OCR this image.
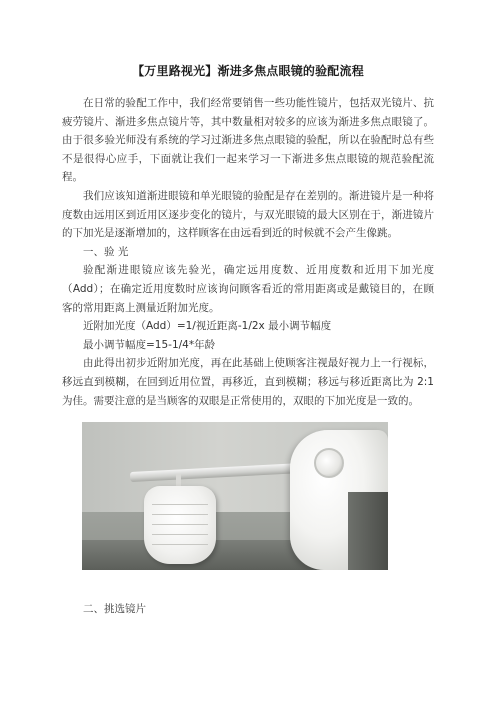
【万里路视光】渐进多焦点眼镜的验配流程

在日常的验配工作中，我们经常要销售一些功能性镜片，包括双光镜片、抗疲劳镜片、渐进多焦点镜片等，其中数量相对较多的应该为渐进多焦点眼镜了。由于很多验光师没有系统的学习过渐进多焦点眼镜的验配，所以在验配时总有些不是很得心应手，下面就让我们一起来学习一下渐进多焦点眼镜的规范验配流程。

我们应该知道渐进眼镜和单光眼镜的验配是存在差别的。渐进镜片是一种将度数由远用区到近用区逐步变化的镜片，与双光眼镜的最大区别在于，渐进镜片的下加光是逐渐增加的，这样顾客在由远看到近的时候就不会产生像跳。

一、验 光

验配渐进眼镜应该先验光，确定远用度数、近用度数和近用下加光度（Add）；在确定近用度数时应该询问顾客看近的常用距离或是戴镜目的，在顾客的常用距离上测量近附加光度。

近附加光度（Add）=1/视近距离-1/2x 最小调节幅度

最小调节幅度=15-1/4*年龄

由此得出初步近附加光度，再在此基础上使顾客注视最好视力上一行视标，移远直到模糊，在回到近用位置，再移近，直到模糊；移远与移近距离比为 2:1 为佳。需要注意的是当顾客的双眼是正常使用的，双眼的下加光度是一致的。

二、挑选镜片
